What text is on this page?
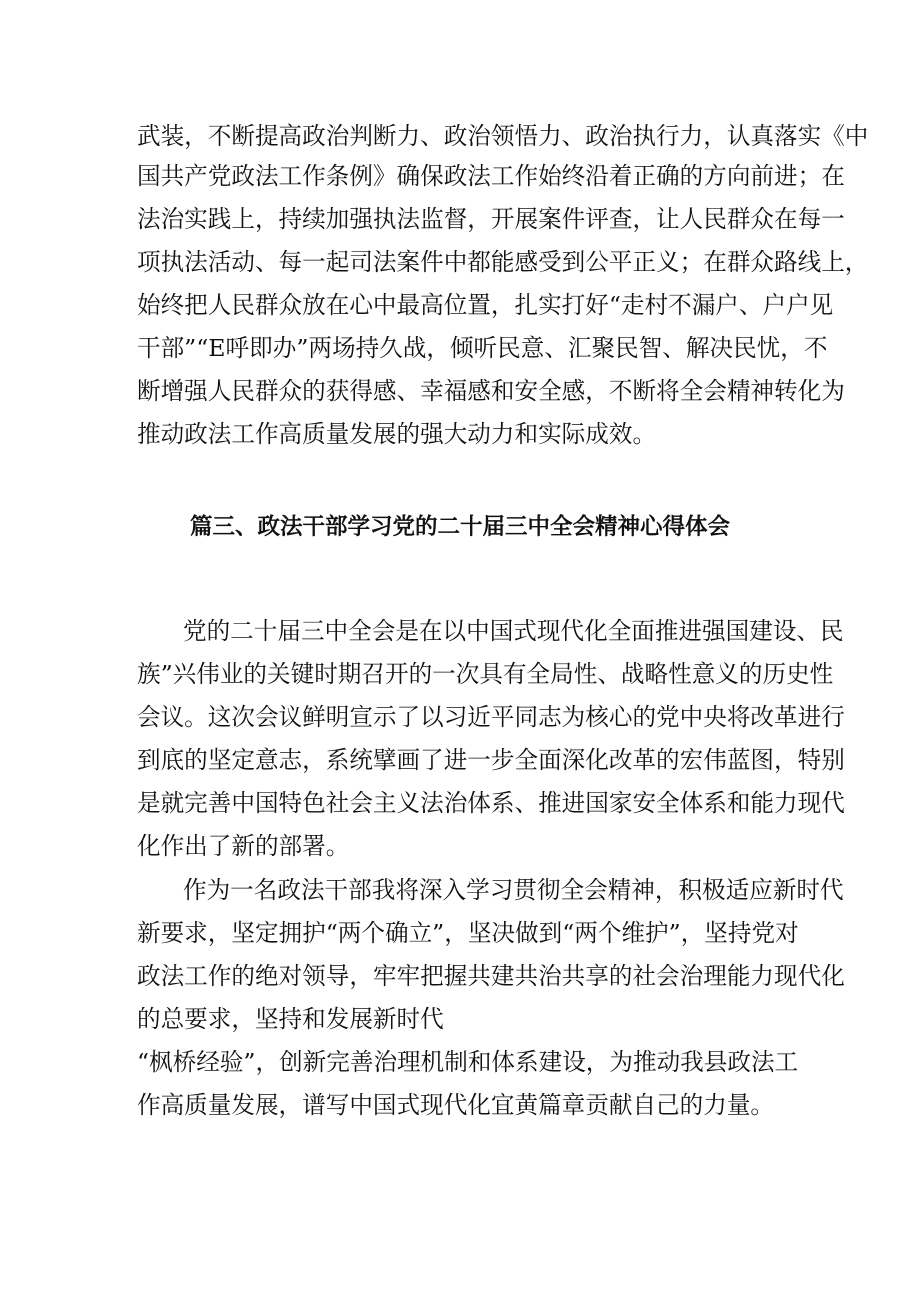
武装，不断提高政治判断力、政治领悟力、政治执行力，认真落实《中
国共产党政法工作条例》确保政法工作始终沿着正确的方向前进；在
法治实践上，持续加强执法监督，开展案件评查，让人民群众在每一
项执法活动、每一起司法案件中都能感受到公平正义；在群众路线上，
始终把人民群众放在心中最高位置，扎实打好“走村不漏户、户户见
干部”“E呼即办”两场持久战，倾听民意、汇聚民智、解决民忧，不
断增强人民群众的获得感、幸福感和安全感，不断将全会精神转化为
推动政法工作高质量发展的强大动力和实际成效。
篇三、政法干部学习党的二十届三中全会精神心得体会
党的二十届三中全会是在以中国式现代化全面推进强国建设、民
族”兴伟业的关键时期召开的一次具有全局性、战略性意义的历史性
会议。这次会议鲜明宣示了以习近平同志为核心的党中央将改革进行
到底的坚定意志，系统擘画了进一步全面深化改革的宏伟蓝图，特别
是就完善中国特色社会主义法治体系、推进国家安全体系和能力现代
化作出了新的部署。
作为一名政法干部我将深入学习贯彻全会精神，积极适应新时代
新要求，坚定拥护“两个确立”，坚决做到“两个维护”，坚持党对
政法工作的绝对领导，牢牢把握共建共治共享的社会治理能力现代化
的总要求，坚持和发展新时代
“枫桥经验”，创新完善治理机制和体系建设，为推动我县政法工
作高质量发展，谱写中国式现代化宜黄篇章贡献自己的力量。
